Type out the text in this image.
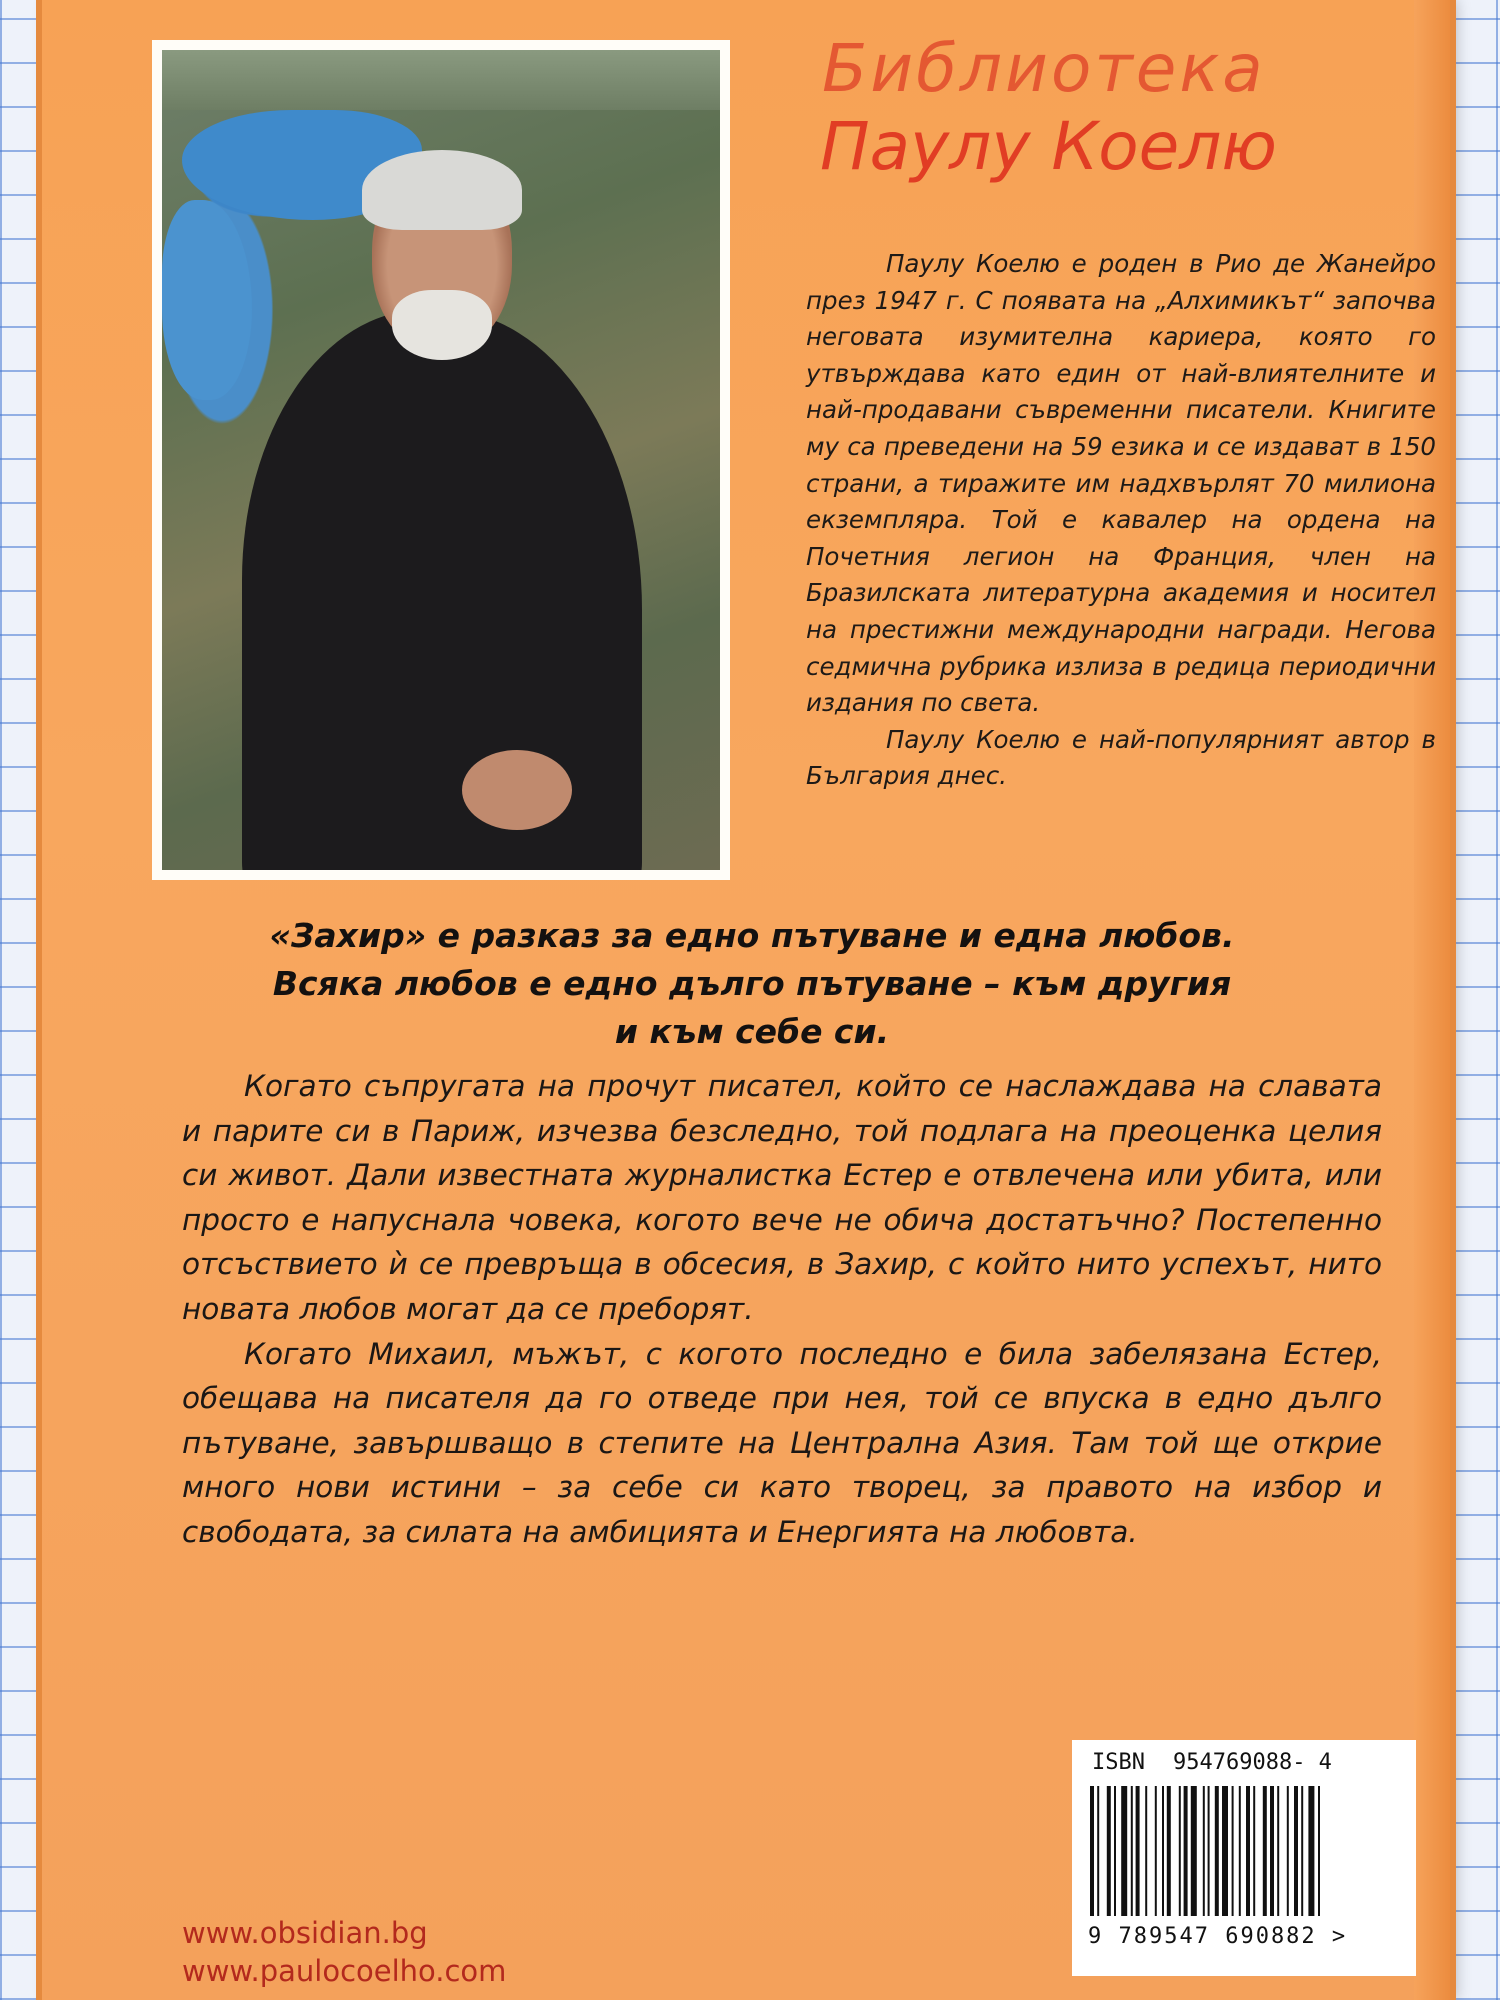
Библиотека
Паулу Коелю

Паулу Коелю е роден в Рио де Жанейро през 1947 г. С появата на „Алхимикът“ започва неговата изумителна кариера, която го утвърждава като един от най-влиятелните и най-продавани съвременни писатели. Книгите му са преведени на 59 езика и се издават в 150 страни, а тиражите им надхвърлят 70 милиона екземпляра. Той е кавалер на ордена на Почетния легион на Франция, член на Бразилската литературна академия и носител на престижни международни награди. Негова седмична рубрика излиза в редица периодични издания по света.

Паулу Коелю е най-популярният автор в България днес.

«Захир» е разказ за едно пътуване и една любов.
Всяка любов е едно дълго пътуване – към другия
и към себе си.

Когато съпругата на прочут писател, който се наслаждава на славата и парите си в Париж, изчезва безследно, той подлага на преоценка целия си живот. Дали известната журналистка Естер е отвлечена или убита, или просто е напуснала човека, когото вече не обича достатъчно? Постепенно отсъствието ѝ се превръща в обсесия, в Захир, с който нито успехът, нито новата любов могат да се преборят.

Когато Михаил, мъжът, с когото последно е била забелязана Естер, обещава на писателя да го отведе при нея, той се впуска в едно дълго пътуване, завършващо в степите на Централна Азия. Там той ще открие много нови истини – за себе си като творец, за правото на избор и свободата, за силата на амбицията и Енергията на любовта.

www.obsidian.bg
www.paulocoelho.com
ISBN 954769088- 4
9 789547 690882 >
